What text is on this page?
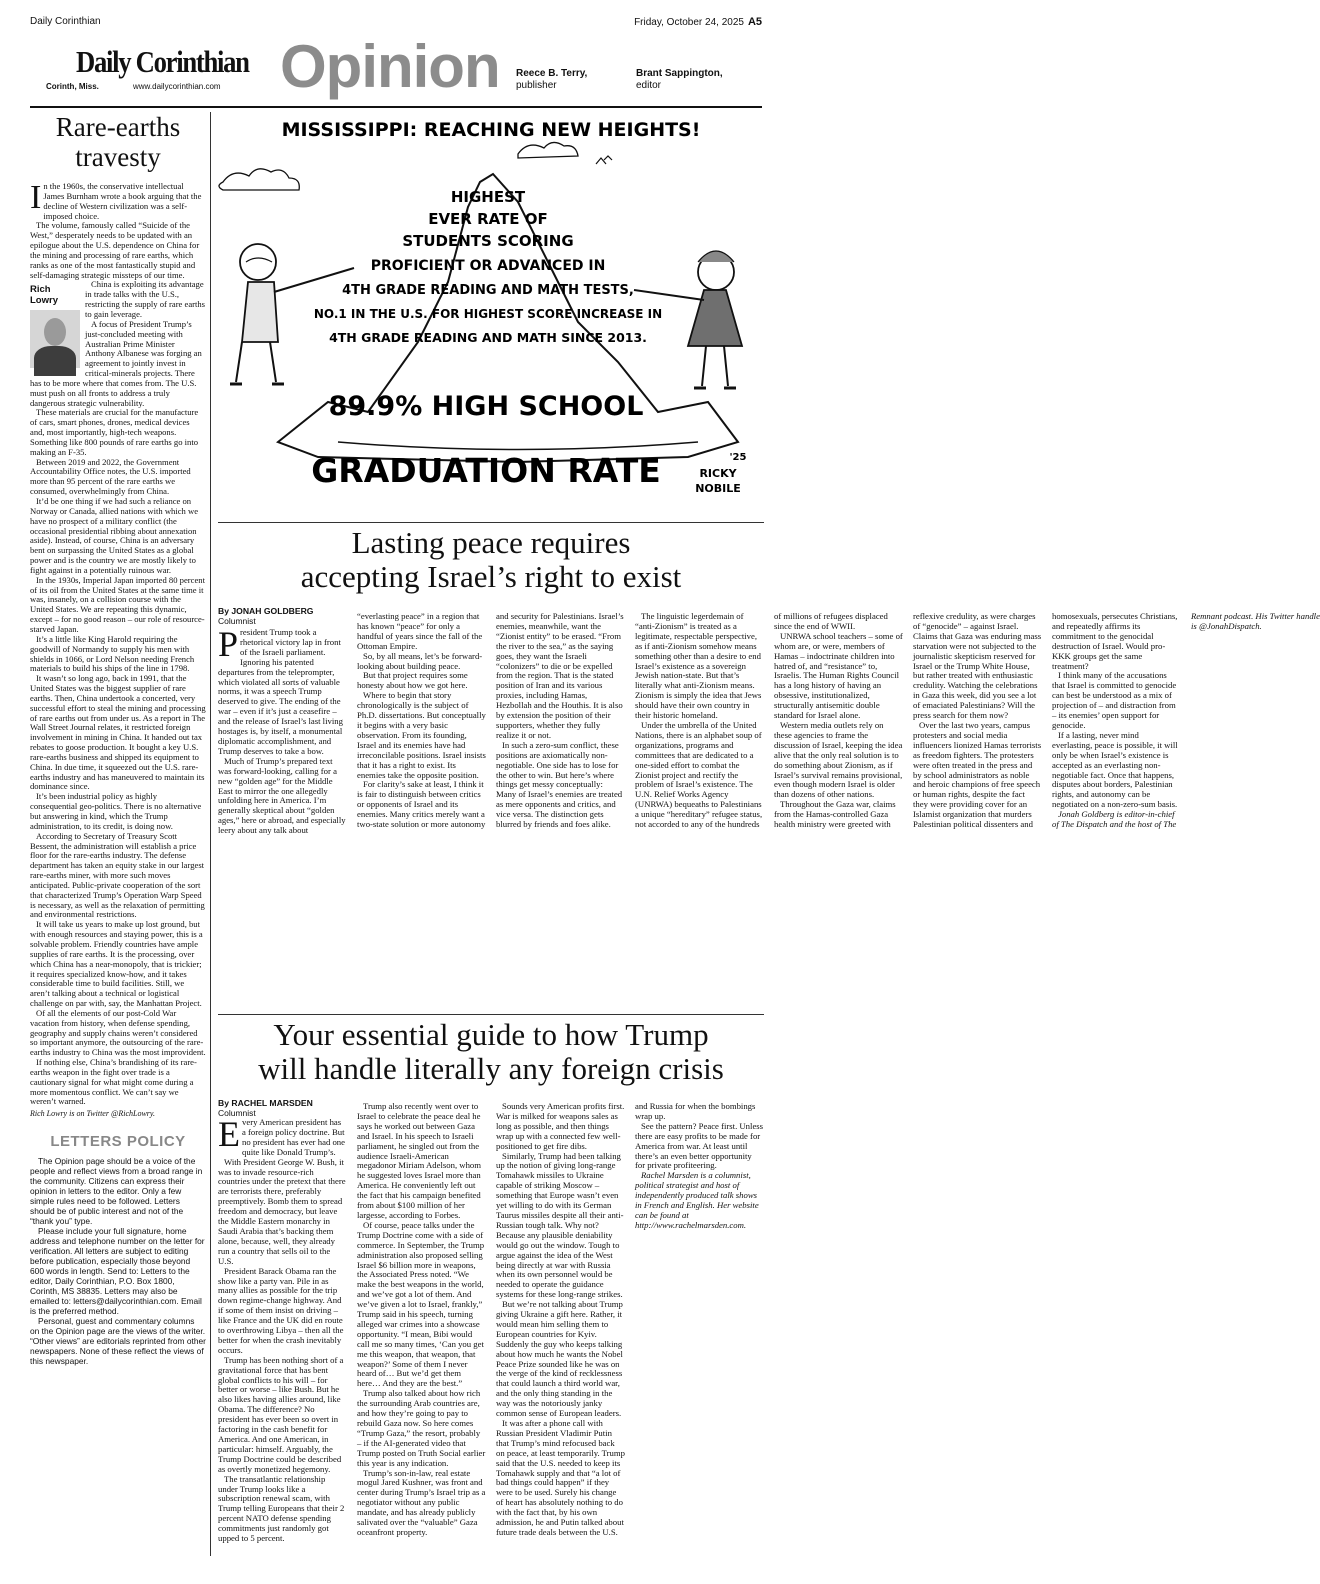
Daily Corinthian	Friday, October 24, 2025 A5
Daily Corinthian
Corinth, Miss.	www.dailycorinthian.com Opinion Reece B. Terry,
publisher
Brant Sappington,
editor
Rare-earths travesty

In the 1960s, the conservative intellectual James Burnham wrote a book arguing that the decline of Western civilization was a self-imposed choice.

The volume, famously called “Suicide of the West,” desperately needs to be updated with an epilogue about the U.S. dependence on China for the mining and processing of rare earths, which ranks as one of the most fantastically stupid and self-damaging strategic missteps of our time.

Rich
Lowry

China is exploiting its advantage in trade talks with the U.S., restricting the supply of rare earths to gain leverage.

A focus of President Trump’s just-concluded meeting with Australian Prime Minister Anthony Albanese was forging an agreement to jointly invest in critical-minerals projects. There has to be more where that comes from. The U.S. must push on all fronts to address a truly dangerous strategic vulnerability.

These materials are crucial for the manufacture of cars, smart phones, drones, medical devices and, most importantly, high-tech weapons. Something like 800 pounds of rare earths go into making an F-35.

Between 2019 and 2022, the Government Accountability Office notes, the U.S. imported more than 95 percent of the rare earths we consumed, overwhelmingly from China.

It’d be one thing if we had such a reliance on Norway or Canada, allied nations with which we have no prospect of a military conflict (the occasional presidential ribbing about annexation aside). Instead, of course, China is an adversary bent on surpassing the United States as a global power and is the country we are mostly likely to fight against in a potentially ruinous war.

In the 1930s, Imperial Japan imported 80 percent of its oil from the United States at the same time it was, insanely, on a collision course with the United States. We are repeating this dynamic, except – for no good reason – our role of resource-starved Japan.

It’s a little like King Harold requiring the goodwill of Normandy to supply his men with shields in 1066, or Lord Nelson needing French materials to build his ships of the line in 1798.

It wasn’t so long ago, back in 1991, that the United States was the biggest supplier of rare earths. Then, China undertook a concerted, very successful effort to steal the mining and processing of rare earths out from under us. As a report in The Wall Street Journal relates, it restricted foreign involvement in mining in China. It handed out tax rebates to goose production. It bought a key U.S. rare-earths business and shipped its equipment to China. In due time, it squeezed out the U.S. rare-earths industry and has maneuvered to maintain its dominance since.

It’s been industrial policy as highly consequential geo-politics. There is no alternative but answering in kind, which the Trump administration, to its credit, is doing now.

According to Secretary of Treasury Scott Bessent, the administration will establish a price floor for the rare-earths industry. The defense department has taken an equity stake in our largest rare-earths miner, with more such moves anticipated. Public-private cooperation of the sort that characterized Trump’s Operation Warp Speed is necessary, as well as the relaxation of permitting and environmental restrictions.

It will take us years to make up lost ground, but with enough resources and staying power, this is a solvable problem. Friendly countries have ample supplies of rare earths. It is the processing, over which China has a near-monopoly, that is trickier; it requires specialized know-how, and it takes considerable time to build facilities. Still, we aren’t talking about a technical or logistical challenge on par with, say, the Manhattan Project.

Of all the elements of our post-Cold War vacation from history, when defense spending, geography and supply chains weren’t considered so important anymore, the outsourcing of the rare-earths industry to China was the most improvident.

If nothing else, China’s brandishing of its rare-earths weapon in the fight over trade is a cautionary signal for what might come during a more momentous conflict. We can’t say we weren’t warned.

Rich Lowry is on Twitter @RichLowry.
LETTERS POLICY

The Opinion page should be a voice of the people and reflect views from a broad range in the community. Citizens can express their opinion in letters to the editor. Only a few simple rules need to be followed. Letters should be of public interest and not of the “thank you” type.

Please include your full signature, home address and telephone number on the letter for verification. All letters are subject to editing before publication, especially those beyond 600 words in length. Send to: Letters to the editor, Daily Corinthian, P.O. Box 1800, Corinth, MS 38835. Letters may also be emailed to: letters@dailycorinthian.com. Email is the preferred method.

Personal, guest and commentary columns on the Opinion page are the views of the writer. “Other views” are editorials reprinted from other newspapers. None of these reflect the views of this newspaper.

MISSISSIPPI: REACHING NEW HEIGHTS!
HIGHEST
EVER RATE OF
STUDENTS SCORING
PROFICIENT OR ADVANCED IN
4TH GRADE READING AND MATH TESTS,
NO.1 IN THE U.S. FOR HIGHEST SCORE INCREASE IN
4TH GRADE READING AND MATH SINCE 2013.
89.9% HIGH SCHOOL
GRADUATION RATE	'25
RICKY
NOBILE
Lasting peace requires
accepting Israel’s right to exist
By JONAH GOLDBERG
Columnist

President Trump took a rhetorical victory lap in front of the Israeli parliament. Ignoring his patented departures from the teleprompter, which violated all sorts of valuable norms, it was a speech Trump deserved to give. The ending of the war – even if it’s just a ceasefire – and the release of Israel’s last living hostages is, by itself, a monumental diplomatic accomplishment, and Trump deserves to take a bow.

Much of Trump’s prepared text was forward-looking, calling for a new “golden age” for the Middle East to mirror the one allegedly unfolding here in America. I’m generally skeptical about “golden ages,” here or abroad, and especially leery about any talk about “everlasting peace” in a region that has known “peace” for only a handful of years since the fall of the Ottoman Empire.

So, by all means, let’s be forward-looking about building peace.

But that project requires some honesty about how we got here.

Where to begin that story chronologically is the subject of Ph.D. dissertations. But conceptually it begins with a very basic observation. From its founding, Israel and its enemies have had irreconcilable positions. Israel insists that it has a right to exist. Its enemies take the opposite position.

For clarity’s sake at least, I think it is fair to distinguish between critics or opponents of Israel and its enemies. Many critics merely want a two-state solution or more autonomy and security for Palestinians. Israel’s enemies, meanwhile, want the “Zionist entity” to be erased. “From the river to the sea,” as the saying goes, they want the Israeli “colonizers” to die or be expelled from the region. That is the stated position of Iran and its various proxies, including Hamas, Hezbollah and the Houthis. It is also by extension the position of their supporters, whether they fully realize it or not.

In such a zero-sum conflict, these positions are axiomatically non-negotiable. One side has to lose for the other to win. But here’s where things get messy conceptually: Many of Israel’s enemies are treated as mere opponents and critics, and vice versa. The distinction gets blurred by friends and foes alike.

The linguistic legerdemain of “anti-Zionism” is treated as a legitimate, respectable perspective, as if anti-Zionism somehow means something other than a desire to end Israel’s existence as a sovereign Jewish nation-state. But that’s literally what anti-Zionism means. Zionism is simply the idea that Jews should have their own country in their historic homeland.

Under the umbrella of the United Nations, there is an alphabet soup of organizations, programs and committees that are dedicated to a one-sided effort to combat the Zionist project and rectify the problem of Israel’s existence. The U.N. Relief Works Agency (UNRWA) bequeaths to Palestinians a unique “hereditary” refugee status, not accorded to any of the hundreds of millions of refugees displaced since the end of WWII.

UNRWA school teachers – some of whom are, or were, members of Hamas – indoctrinate children into hatred of, and “resistance” to, Israelis. The Human Rights Council has a long history of having an obsessive, institutionalized, structurally antisemitic double standard for Israel alone.

Western media outlets rely on these agencies to frame the discussion of Israel, keeping the idea alive that the only real solution is to do something about Zionism, as if Israel’s survival remains provisional, even though modern Israel is older than dozens of other nations.

Throughout the Gaza war, claims from the Hamas-controlled Gaza health ministry were greeted with reflexive credulity, as were charges of “genocide” – against Israel. Claims that Gaza was enduring mass starvation were not subjected to the journalistic skepticism reserved for Israel or the Trump White House, but rather treated with enthusiastic credulity. Watching the celebrations in Gaza this week, did you see a lot of emaciated Palestinians? Will the press search for them now?

Over the last two years, campus protesters and social media influencers lionized Hamas terrorists as freedom fighters. The protesters were often treated in the press and by school administrators as noble and heroic champions of free speech or human rights, despite the fact they were providing cover for an Islamist organization that murders Palestinian political dissenters and homosexuals, persecutes Christians, and repeatedly affirms its commitment to the genocidal destruction of Israel. Would pro-KKK groups get the same treatment?

I think many of the accusations that Israel is committed to genocide can best be understood as a mix of projection of – and distraction from – its enemies’ open support for genocide.

If a lasting, never mind everlasting, peace is possible, it will only be when Israel’s existence is accepted as an everlasting non-negotiable fact. Once that happens, disputes about borders, Palestinian rights, and autonomy can be negotiated on a non-zero-sum basis.

Jonah Goldberg is editor-in-chief of The Dispatch and the host of The Remnant podcast. His Twitter handle is @JonahDispatch.

Your essential guide to how Trump
will handle literally any foreign crisis
By RACHEL MARSDEN
Columnist

Every American president has a foreign policy doctrine. But no president has ever had one quite like Donald Trump’s.

With President George W. Bush, it was to invade resource-rich countries under the pretext that there are terrorists there, preferably preemptively. Bomb them to spread freedom and democracy, but leave the Middle Eastern monarchy in Saudi Arabia that’s backing them alone, because, well, they already run a country that sells oil to the U.S.

President Barack Obama ran the show like a party van. Pile in as many allies as possible for the trip down regime-change highway. And if some of them insist on driving – like France and the UK did en route to overthrowing Libya – then all the better for when the crash inevitably occurs.

Trump has been nothing short of a gravitational force that has bent global conflicts to his will – for better or worse – like Bush. But he also likes having allies around, like Obama. The difference? No president has ever been so overt in factoring in the cash benefit for America. And one American, in particular: himself. Arguably, the Trump Doctrine could be described as overtly monetized hegemony.

The transatlantic relationship under Trump looks like a subscription renewal scam, with Trump telling Europeans that their 2 percent NATO defense spending commitments just randomly got upped to 5 percent.

Trump also recently went over to Israel to celebrate the peace deal he says he worked out between Gaza and Israel. In his speech to Israeli parliament, he singled out from the audience Israeli-American megadonor Miriam Adelson, whom he suggested loves Israel more than America. He conveniently left out the fact that his campaign benefited from about $100 million of her largesse, according to Forbes.

Of course, peace talks under the Trump Doctrine come with a side of commerce. In September, the Trump administration also proposed selling Israel $6 billion more in weapons, the Associated Press noted. “We make the best weapons in the world, and we’ve got a lot of them. And we’ve given a lot to Israel, frankly,” Trump said in his speech, turning alleged war crimes into a showcase opportunity. “I mean, Bibi would call me so many times, ‘Can you get me this weapon, that weapon, that weapon?’ Some of them I never heard of… But we’d get them here… And they are the best.”

Trump also talked about how rich the surrounding Arab countries are, and how they’re going to pay to rebuild Gaza now. So here comes “Trump Gaza,” the resort, probably – if the AI-generated video that Trump posted on Truth Social earlier this year is any indication.

Trump’s son-in-law, real estate mogul Jared Kushner, was front and center during Trump’s Israel trip as a negotiator without any public mandate, and has already publicly salivated over the “valuable” Gaza oceanfront property.

Sounds very American profits first. War is milked for weapons sales as long as possible, and then things wrap up with a connected few well-positioned to get fire dibs.

Similarly, Trump had been talking up the notion of giving long-range Tomahawk missiles to Ukraine capable of striking Moscow – something that Europe wasn’t even yet willing to do with its German Taurus missiles despite all their anti-Russian tough talk. Why not? Because any plausible deniability would go out the window. Tough to argue against the idea of the West being directly at war with Russia when its own personnel would be needed to operate the guidance systems for these long-range strikes.

But we’re not talking about Trump giving Ukraine a gift here. Rather, it would mean him selling them to European countries for Kyiv. Suddenly the guy who keeps talking about how much he wants the Nobel Peace Prize sounded like he was on the verge of the kind of recklessness that could launch a third world war, and the only thing standing in the way was the notoriously janky common sense of European leaders.

It was after a phone call with Russian President Vladimir Putin that Trump’s mind refocused back on peace, at least temporarily. Trump said that the U.S. needed to keep its Tomahawk supply and that “a lot of bad things could happen” if they were to be used. Surely his change of heart has absolutely nothing to do with the fact that, by his own admission, he and Putin talked about future trade deals between the U.S. and Russia for when the bombings wrap up.

See the pattern? Peace first. Unless there are easy profits to be made for America from war. At least until there’s an even better opportunity for private profiteering.

Rachel Marsden is a columnist, political strategist and host of independently produced talk shows in French and English. Her website can be found at http://www.rachelmarsden.com.
